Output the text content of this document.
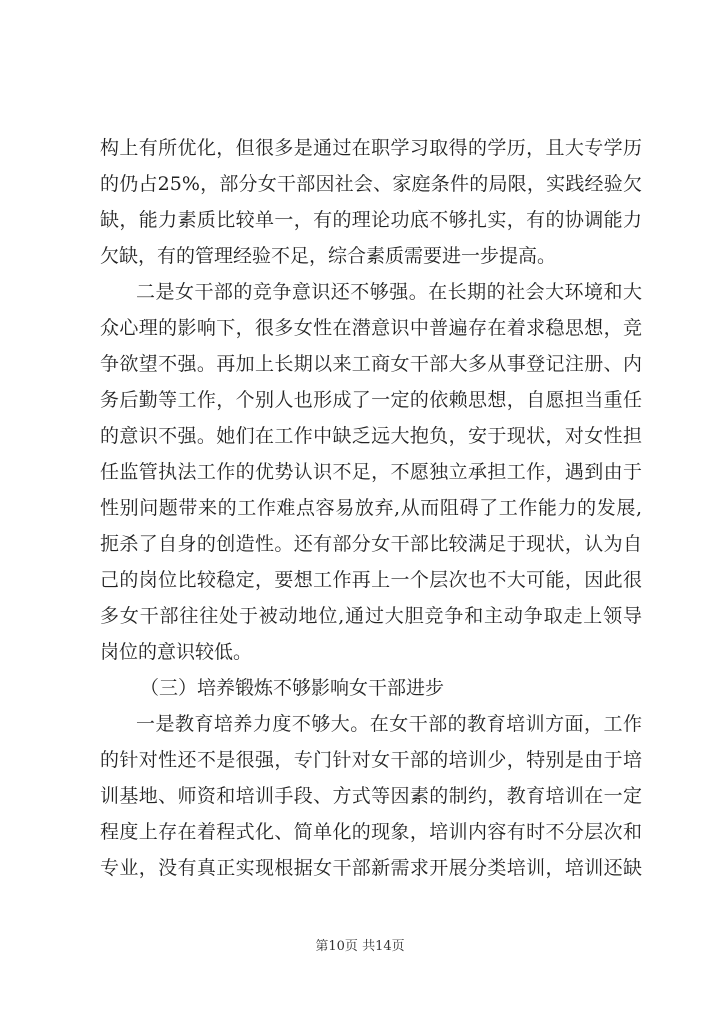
构上有所优化，但很多是通过在职学习取得的学历，且大专学历
的仍占25%，部分女干部因社会、家庭条件的局限，实践经验欠
缺，能力素质比较单一，有的理论功底不够扎实，有的协调能力
欠缺，有的管理经验不足，综合素质需要进一步提高。
二是女干部的竞争意识还不够强。在长期的社会大环境和大
众心理的影响下，很多女性在潜意识中普遍存在着求稳思想，竞
争欲望不强。再加上长期以来工商女干部大多从事登记注册、内
务后勤等工作，个别人也形成了一定的依赖思想，自愿担当重任
的意识不强。她们在工作中缺乏远大抱负，安于现状，对女性担
任监管执法工作的优势认识不足，不愿独立承担工作，遇到由于
性别问题带来的工作难点容易放弃,从而阻碍了工作能力的发展,
扼杀了自身的创造性。还有部分女干部比较满足于现状，认为自
己的岗位比较稳定，要想工作再上一个层次也不大可能，因此很
多女干部往往处于被动地位,通过大胆竞争和主动争取走上领导
岗位的意识较低。
（三）培养锻炼不够影响女干部进步
一是教育培养力度不够大。在女干部的教育培训方面，工作
的针对性还不是很强，专门针对女干部的培训少，特别是由于培
训基地、师资和培训手段、方式等因素的制约，教育培训在一定
程度上存在着程式化、简单化的现象，培训内容有时不分层次和
专业，没有真正实现根据女干部新需求开展分类培训，培训还缺
第10页 共14页
